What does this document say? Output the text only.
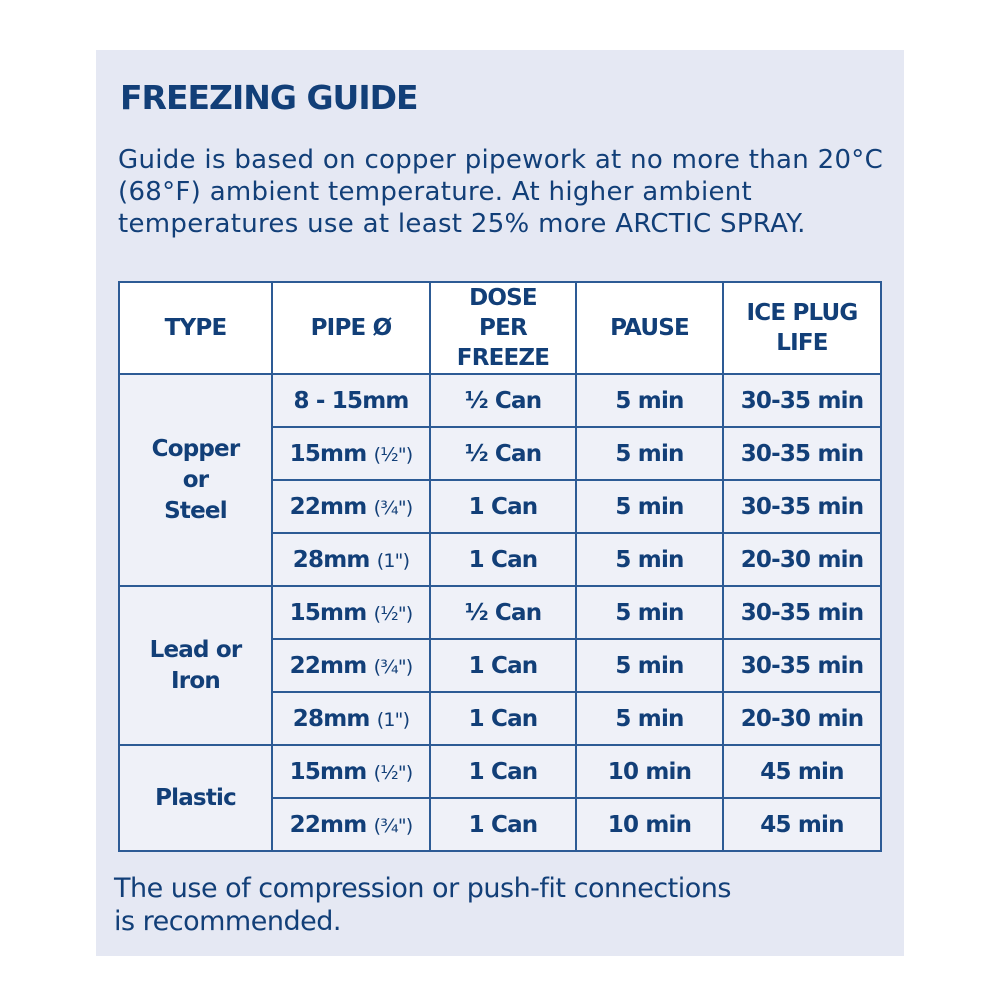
FREEZING GUIDE
Guide is based on copper pipework at no more than 20°C (68°F) ambient temperature. At higher ambient temperatures use at least 25% more ARCTIC SPRAY.
TYPE	PIPE Ø	DOSE PER FREEZE	PAUSE	ICE PLUG LIFE
Copper or Steel	8 - 15mm	½ Can	5 min	30-35 min
	15mm (½")	½ Can	5 min	30-35 min
	22mm (¾")	1 Can	5 min	30-35 min
	28mm (1")	1 Can	5 min	20-30 min
Lead or Iron	15mm (½")	½ Can	5 min	30-35 min
	22mm (¾")	1 Can	5 min	30-35 min
	28mm (1")	1 Can	5 min	20-30 min
Plastic	15mm (½")	1 Can	10 min	45 min
	22mm (¾")	1 Can	10 min	45 min
The use of compression or push-fit connections is recommended.
